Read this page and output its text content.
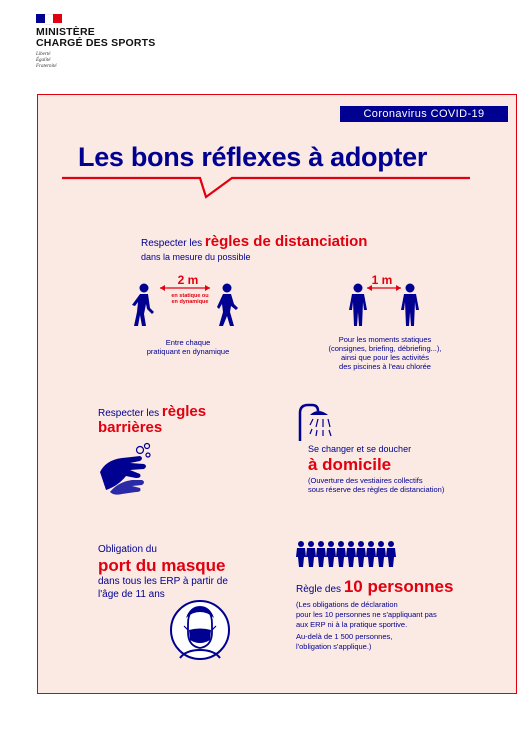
MINISTÈRE
CHARGÉ DES SPORTS
Liberté
Égalité
Fraternité
Coronavirus COVID-19
Les bons réflexes à adopter
Respecter les règles de distanciation
dans la mesure du possible
2 m
en statique ou
en dynamique
Entre chaque
pratiquant en dynamique
1 m
Pour les moments statiques
(consignes, briefing, débriefing...),
ainsi que pour les activités
des piscines à l'eau chlorée
Respecter les règles
barrières
Se changer et se doucher
à domicile
(Ouverture des vestiaires collectifs
sous réserve des règles de distanciation)
Obligation du
port du masque
dans tous les ERP à partir de
l'âge de 11 ans	Règle des 10 personnes
(Les obligations de déclaration
pour les 10 personnes ne s'appliquant pas
aux ERP ni à la pratique sportive.
Au-delà de 1 500 personnes,
l'obligation s'applique.)
